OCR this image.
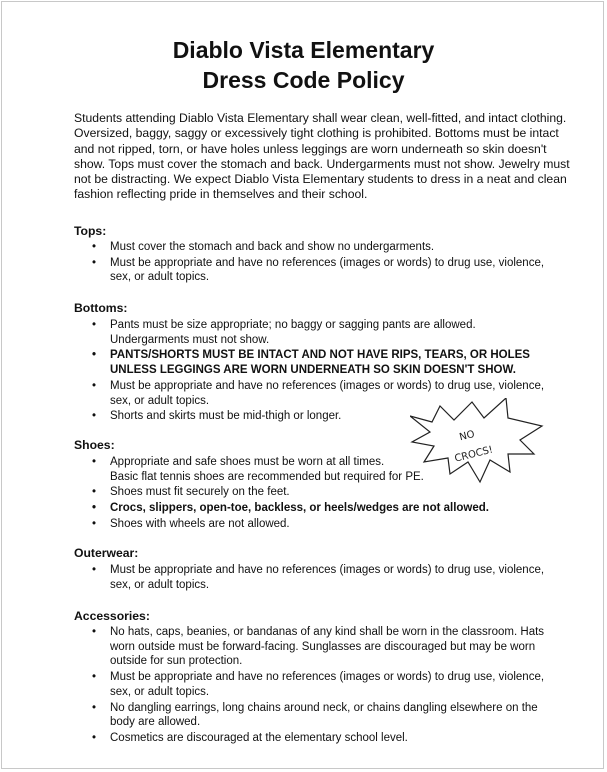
Diablo Vista Elementary
Dress Code Policy

Students attending Diablo Vista Elementary shall wear clean, well-fitted, and intact clothing. Oversized, baggy, saggy or excessively tight clothing is prohibited. Bottoms must be intact and not ripped, torn, or have holes unless leggings are worn underneath so skin doesn't show. Tops must cover the stomach and back. Undergarments must not show. Jewelry must not be distracting. We expect Diablo Vista Elementary students to dress in a neat and clean fashion reflecting pride in themselves and their school.

Tops:
• Must cover the stomach and back and show no undergarments.
• Must be appropriate and have no references (images or words) to drug use, violence, sex, or adult topics.
Bottoms:
• Pants must be size appropriate; no baggy or sagging pants are allowed. Undergarments must not show.
• PANTS/SHORTS MUST BE INTACT AND NOT HAVE RIPS, TEARS, OR HOLES UNLESS LEGGINGS ARE WORN UNDERNEATH SO SKIN DOESN'T SHOW.
• Must be appropriate and have no references (images or words) to drug use, violence, sex, or adult topics.
• Shorts and skirts must be mid-thigh or longer.
Shoes:
• Appropriate and safe shoes must be worn at all times.
Basic flat tennis shoes are recommended but required for PE.
• Shoes must fit securely on the feet.
• Crocs, slippers, open-toe, backless, or heels/wedges are not allowed.
• Shoes with wheels are not allowed.
NO
CROCS!
Outerwear:
• Must be appropriate and have no references (images or words) to drug use, violence, sex, or adult topics.
Accessories:
• No hats, caps, beanies, or bandanas of any kind shall be worn in the classroom. Hats worn outside must be forward-facing. Sunglasses are discouraged but may be worn outside for sun protection.
• Must be appropriate and have no references (images or words) to drug use, violence, sex, or adult topics.
• No dangling earrings, long chains around neck, or chains dangling elsewhere on the body are allowed.
• Cosmetics are discouraged at the elementary school level.
